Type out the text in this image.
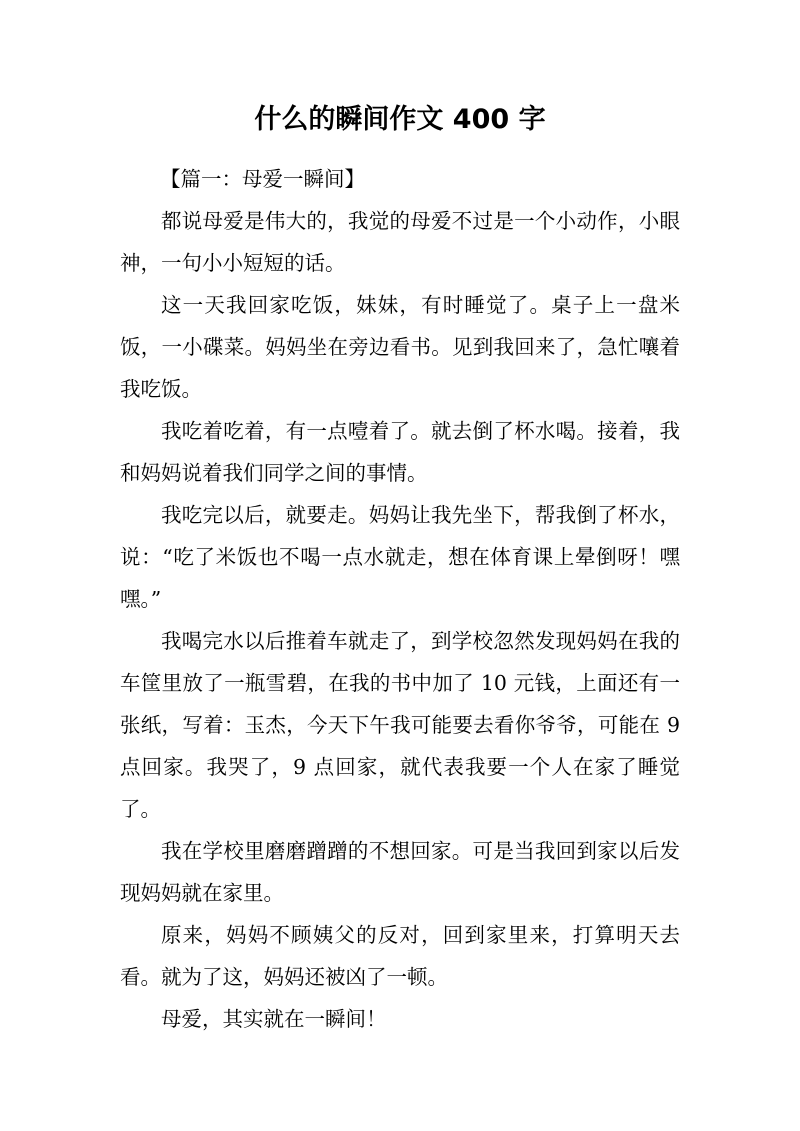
什么的瞬间作文 400 字

【篇一：母爱一瞬间】

都说母爱是伟大的，我觉的母爱不过是一个小动作，小眼神，一句小小短短的话。

这一天我回家吃饭，妹妹，有时睡觉了。桌子上一盘米饭，一小碟菜。妈妈坐在旁边看书。见到我回来了，急忙嚷着我吃饭。

我吃着吃着，有一点噎着了。就去倒了杯水喝。接着，我和妈妈说着我们同学之间的事情。

我吃完以后，就要走。妈妈让我先坐下，帮我倒了杯水，说：“吃了米饭也不喝一点水就走，想在体育课上晕倒呀！嘿嘿。”

我喝完水以后推着车就走了，到学校忽然发现妈妈在我的车筐里放了一瓶雪碧，在我的书中加了 10 元钱，上面还有一张纸，写着：玉杰，今天下午我可能要去看你爷爷，可能在 9 点回家。我哭了，9 点回家，就代表我要一个人在家了睡觉了。

我在学校里磨磨蹭蹭的不想回家。可是当我回到家以后发现妈妈就在家里。

原来，妈妈不顾姨父的反对，回到家里来，打算明天去看。就为了这，妈妈还被凶了一顿。

母爱，其实就在一瞬间！
